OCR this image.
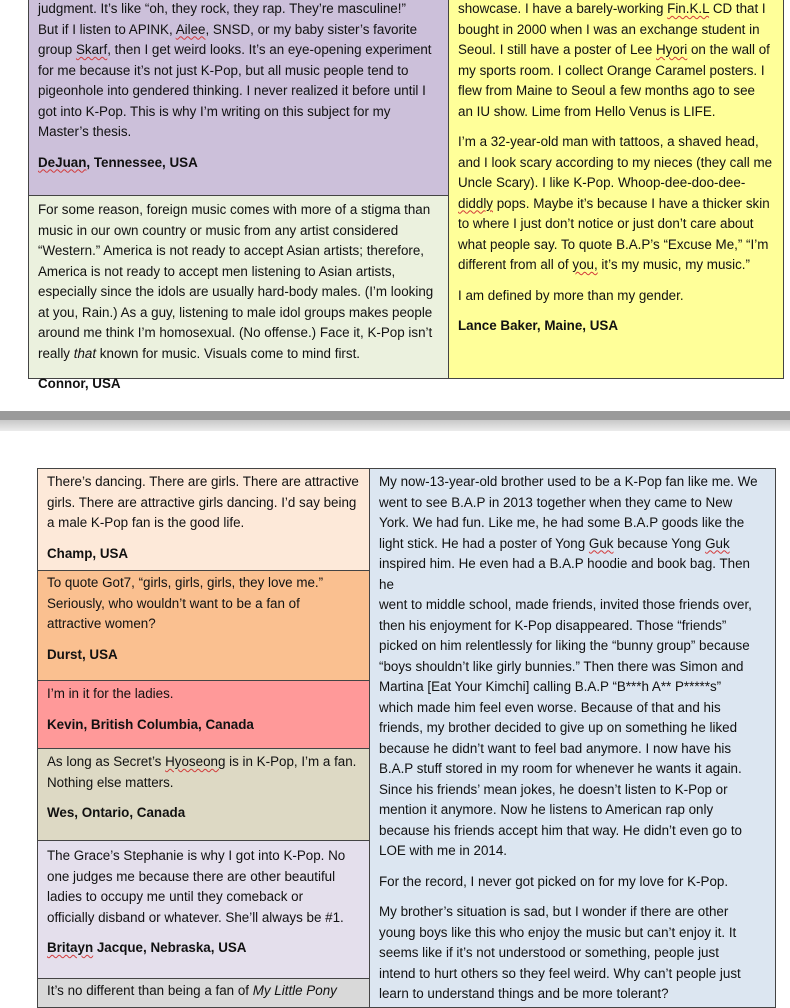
judgment. It’s like “oh, they rock, they rap. They’re masculine!”
But if I listen to APINK, Ailee, SNSD, or my baby sister’s favorite
group Skarf, then I get weird looks. It’s an eye-opening experiment
for me because it’s not just K-Pop, but all music people tend to
pigeonhole into gendered thinking. I never realized it before until I
got into K-Pop. This is why I’m writing on this subject for my
Master’s thesis.

DeJuan, Tennessee, USA

For some reason, foreign music comes with more of a stigma than
music in our own country or music from any artist considered
“Western.” America is not ready to accept Asian artists; therefore,
America is not ready to accept men listening to Asian artists,
especially since the idols are usually hard-body males. (I’m looking
at you, Rain.) As a guy, listening to male idol groups makes people
around me think I’m homosexual. (No offense.) Face it, K-Pop isn’t
really that known for music. Visuals come to mind first.

Connor, USA

showcase. I have a barely-working Fin.K.L CD that I
bought in 2000 when I was an exchange student in
Seoul. I still have a poster of Lee Hyori on the wall of
my sports room. I collect Orange Caramel posters. I
flew from Maine to Seoul a few months ago to see
an IU show. Lime from Hello Venus is LIFE.
I’m a 32-year-old man with tattoos, a shaved head,
and I look scary according to my nieces (they call me
Uncle Scary). I like K-Pop. Whoop-dee-doo-dee-
diddly pops. Maybe it’s because I have a thicker skin
to where I just don’t notice or just don’t care about
what people say. To quote B.A.P’s “Excuse Me,” “I’m
different from all of you, it’s my music, my music.”

I am defined by more than my gender.

Lance Baker, Maine, USA

There’s dancing. There are girls. There are attractive
girls. There are attractive girls dancing. I’d say being
a male K-Pop fan is the good life.

Champ, USA

To quote Got7, “girls, girls, girls, they love me.”
Seriously, who wouldn’t want to be a fan of
attractive women?

Durst, USA

I’m in it for the ladies.

Kevin, British Columbia, Canada

As long as Secret’s Hyoseong is in K-Pop, I’m a fan.
Nothing else matters.

Wes, Ontario, Canada

The Grace’s Stephanie is why I got into K-Pop. No
one judges me because there are other beautiful
ladies to occupy me until they comeback or
officially disband or whatever. She’ll always be #1.

Britayn Jacque, Nebraska, USA

It’s no different than being a fan of My Little Pony
My now-13-year-old brother used to be a K-Pop fan like me. We
went to see B.A.P in 2013 together when they came to New
York. We had fun. Like me, he had some B.A.P goods like the
light stick. He had a poster of Yong Guk because Yong Guk
inspired him. He even had a B.A.P hoodie and book bag. Then he
went to middle school, made friends, invited those friends over,
then his enjoyment for K-Pop disappeared. Those “friends”
picked on him relentlessly for liking the “bunny group” because
“boys shouldn’t like girly bunnies.” Then there was Simon and
Martina [Eat Your Kimchi] calling B.A.P “B***h A** P*****s”
which made him feel even worse. Because of that and his
friends, my brother decided to give up on something he liked
because he didn’t want to feel bad anymore. I now have his
B.A.P stuff stored in my room for whenever he wants it again.
Since his friends’ mean jokes, he doesn’t listen to K-Pop or
mention it anymore. Now he listens to American rap only
because his friends accept him that way. He didn’t even go to
LOE with me in 2014.

For the record, I never got picked on for my love for K-Pop.

My brother’s situation is sad, but I wonder if there are other
young boys like this who enjoy the music but can’t enjoy it. It
seems like if it’s not understood or something, people just
intend to hurt others so they feel weird. Why can’t people just
learn to understand things and be more tolerant?
